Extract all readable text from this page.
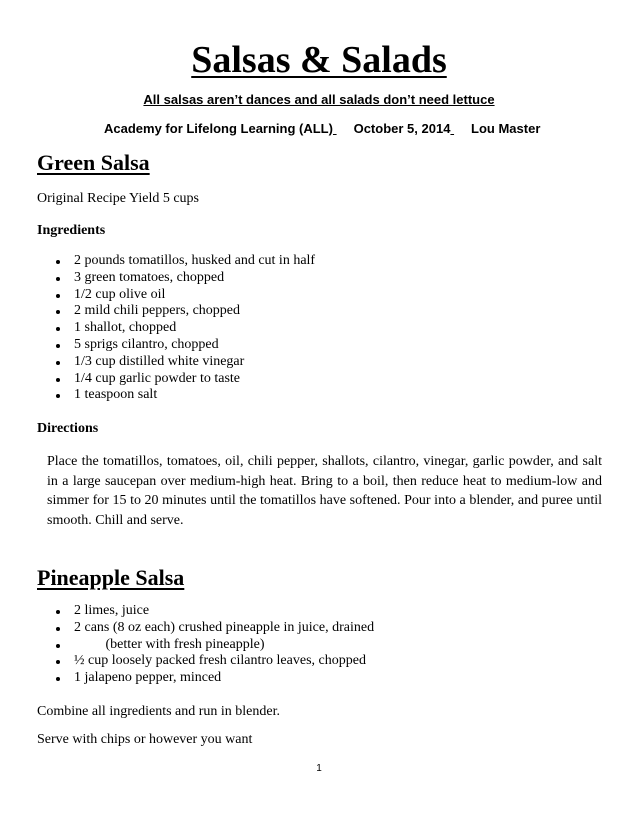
Salsas & Salads
All salsas aren’t dances and all salads don’t need lettuce
Academy for Lifelong Learning (ALL) October 5, 2014 Lou Master
Green Salsa
Original Recipe Yield 5 cups
Ingredients
2 pounds tomatillos, husked and cut in half
3 green tomatoes, chopped
1/2 cup olive oil
2 mild chili peppers, chopped
1 shallot, chopped
5 sprigs cilantro, chopped
1/3 cup distilled white vinegar
1/4 cup garlic powder to taste
1 teaspoon salt
Directions
Place the tomatillos, tomatoes, oil, chili pepper, shallots, cilantro, vinegar, garlic powder, and salt in a large saucepan over medium-high heat. Bring to a boil, then reduce heat to medium-low and simmer for 15 to 20 minutes until the tomatillos have softened. Pour into a blender, and puree until smooth. Chill and serve.
Pineapple Salsa
2 limes, juice
2 cans (8 oz each) crushed pineapple in juice, drained
(better with fresh pineapple)
½ cup loosely packed fresh cilantro leaves, chopped
1 jalapeno pepper, minced
Combine all ingredients and run in blender.
Serve with chips or however you want
1
